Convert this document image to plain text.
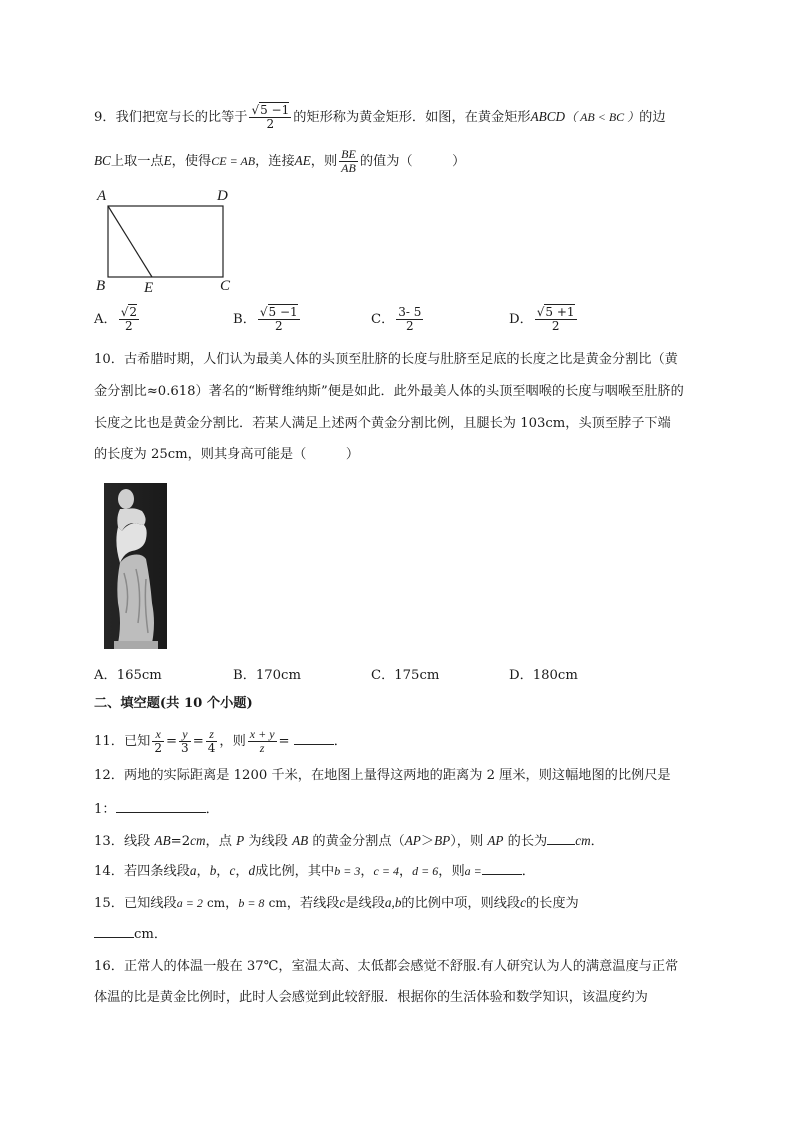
9．我们把宽与长的比等于 $\frac{√5 -1}{2}$ 的矩形称为黄金矩形．如图，在黄金矩形ABCD（ AB < BC ）的边
BC上取一点E，使得CE = AB，连接AE，则 $\frac{BE}{AB}$ 的值为（　　　）
A	D
B	E	C
A． $\frac{√2}{2}$	B． $\frac{√5 -1}{2}$	C． $\frac{3- 5}{2}$	D． $\frac{√5 +1}{2}$
10．古希腊时期，人们认为最美人体的头顶至肚脐的长度与肚脐至足底的长度之比是黄金分割比（黄
金分割比≈0.618）著名的“断臂维纳斯”便是如此．此外最美人体的头顶至咽喉的长度与咽喉至肚脐的
长度之比也是黄金分割比．若某人满足上述两个黄金分割比例，且腿长为 103cm，头顶至脖子下端
的长度为 25cm，则其身高可能是（　　　）
A．165cm	B．170cm	C．175cm	D．180cm
二、填空题(共 10 个小题)
11．已知 $\frac{x}{2} = \frac{y}{3} = \frac{z}{4}$ ，则 $\frac{x + y}{z}$ =	．
12．两地的实际距离是 1200 千米，在地图上量得这两地的距离为 2 厘米，则这幅地图的比例尺是
1：	．
13．线段 AB=2cm，点 P 为线段 AB 的黄金分割点（AP＞BP），则 AP 的长为 cm．
14．若四条线段a，b，c，d成比例，其中b = 3，c = 4，d = 6，则a =	．
15．已知线段a = 2 cm，b = 8 cm，若线段c是线段a,b的比例中项，则线段c的长度为
cm．
16．正常人的体温一般在 37℃，室温太高、太低都会感觉不舒服.有人研究认为人的满意温度与正常
体温的比是黄金比例时，此时人会感觉到此较舒服．根据你的生活体验和数学知识，该温度约为
